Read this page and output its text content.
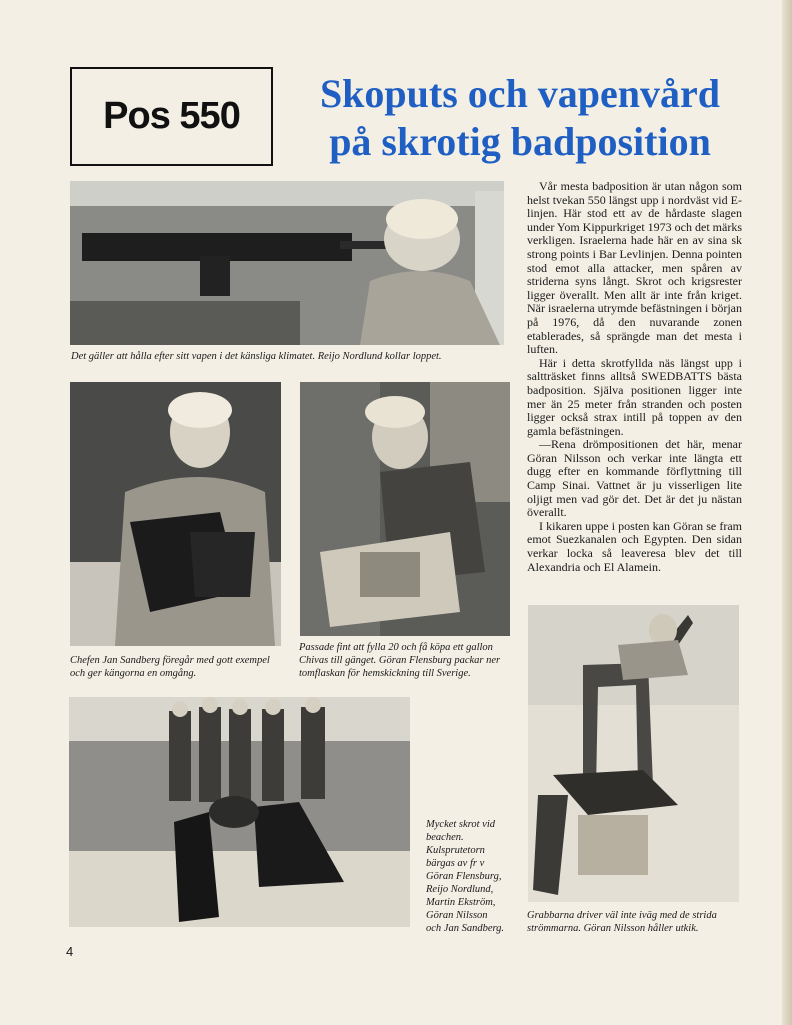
Pos 550	Skoputs och vapenvård
på skrotig badposition
Det gäller att hålla efter sitt vapen i det känsliga klimatet. Reijo Nordlund kollar loppet.
Chefen Jan Sandberg föregår med gott exempel och ger kängorna en omgång.
Passade fint att fylla 20 och få köpa ett gallon Chivas till gänget. Göran Flensburg packar ner tomflaskan för hemskickning till Sverige.
Mycket skrot vid
beachen.
Kulsprutetorn
bärgas av fr v
Göran Flensburg,
Reijo Nordlund,
Martin Ekström,
Göran Nilsson
och Jan Sandberg.
Grabbarna driver väl inte iväg med de strida strömmarna. Göran Nilsson håller utkik.

Vår mesta badposition är utan någon som helst tvekan 550 längst upp i nordväst vid E-linjen. Här stod ett av de hårdaste slagen under Yom Kippurkriget 1973 och det märks verkligen. Israelerna hade här en av sina sk strong points i Bar Levlinjen. Denna pointen stod emot alla attacker, men spåren av striderna syns långt. Skrot och krigsrester ligger överallt. Men allt är inte från kriget. När israelerna utrymde befästningen i början på 1976, då den nuvarande zonen etablerades, så sprängde man det mesta i luften.

Här i detta skrotfyllda näs längst upp i saltträsket finns alltså SWEDBATTS bästa badposition. Själva positionen ligger inte mer än 25 meter från stranden och posten ligger också strax intill på toppen av den gamla befästningen.

—Rena drömpositionen det här, menar Göran Nilsson och verkar inte längta ett dugg efter en kommande förflyttning till Camp Sinai. Vattnet är ju visserligen lite oljigt men vad gör det. Det är det ju nästan överallt.

I kikaren uppe i posten kan Göran se fram emot Suezkanalen och Egypten. Den sidan verkar locka så leaveresa blev det till Alexandria och El Alamein.

4
